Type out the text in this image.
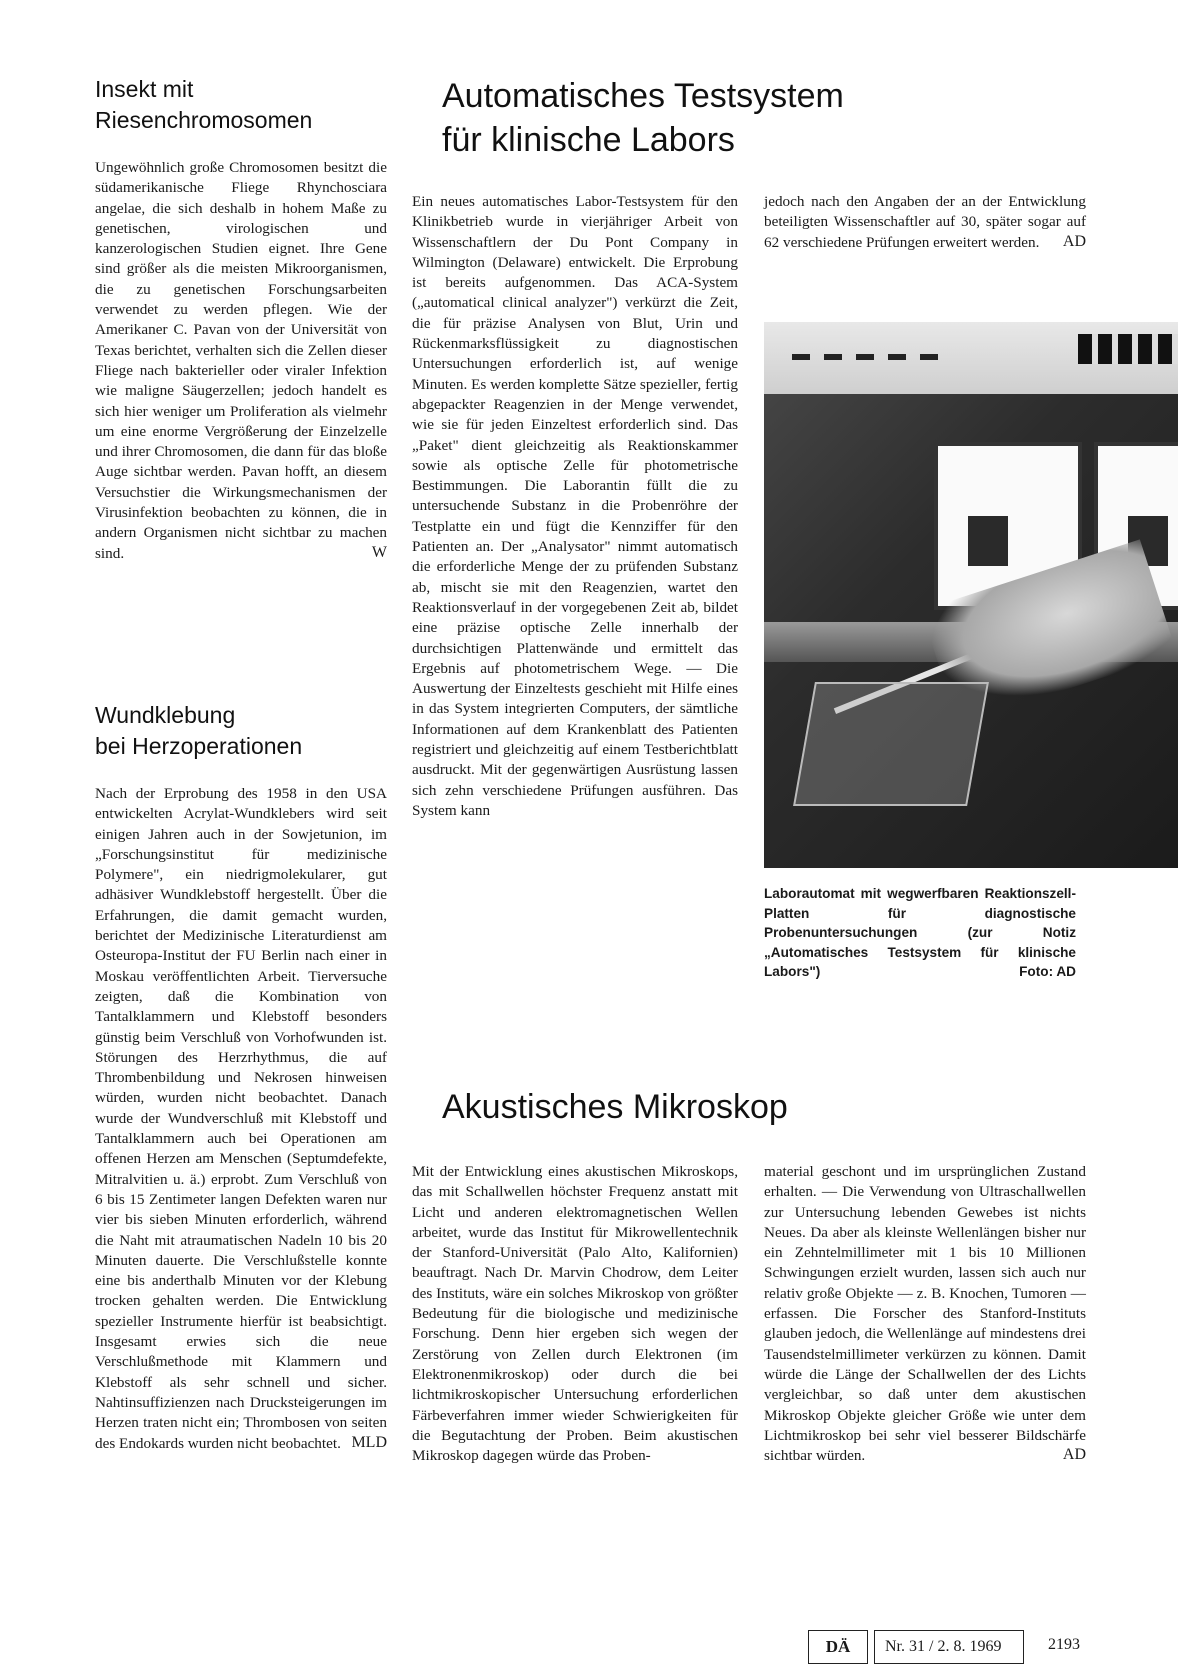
Insekt mit
Riesenchromosomen

Ungewöhnlich große Chromosomen besitzt die südamerikanische Fliege Rhynchosciara angelae, die sich deshalb in hohem Maße zu genetischen, virologischen und kanzerologischen Studien eignet. Ihre Gene sind größer als die meisten Mikroorganismen, die zu genetischen Forschungsarbeiten verwendet zu werden pflegen. Wie der Amerikaner C. Pavan von der Universität von Texas berichtet, verhalten sich die Zellen dieser Fliege nach bakterieller oder viraler Infektion wie maligne Säugerzellen; jedoch handelt es sich hier weniger um Proliferation als vielmehr um eine enorme Vergrößerung der Einzelzelle und ihrer Chromosomen, die dann für das bloße Auge sichtbar werden. Pavan hofft, an diesem Versuchstier die Wirkungsmechanismen der Virusinfektion beobachten zu können, die in andern Organismen nicht sichtbar zu machen sind.	W
Wundklebung
bei Herzoperationen

Nach der Erprobung des 1958 in den USA entwickelten Acrylat-Wundklebers wird seit einigen Jahren auch in der Sowjetunion, im „Forschungsinstitut für medizinische Polymere", ein niedrigmolekularer, gut adhäsiver Wundklebstoff hergestellt. Über die Erfahrungen, die damit gemacht wurden, berichtet der Medizinische Literaturdienst am Osteuropa-Institut der FU Berlin nach einer in Moskau veröffentlichten Arbeit. Tierversuche zeigten, daß die Kombination von Tantalklammern und Klebstoff besonders günstig beim Verschluß von Vorhofwunden ist. Störungen des Herzrhythmus, die auf Thrombenbildung und Nekrosen hinweisen würden, wurden nicht beobachtet. Danach wurde der Wundverschluß mit Klebstoff und Tantalklammern auch bei Operationen am offenen Herzen am Menschen (Septumdefekte, Mitralvitien u. ä.) erprobt. Zum Verschluß von 6 bis 15 Zentimeter langen Defekten waren nur vier bis sieben Minuten erforderlich, während die Naht mit atraumatischen Nadeln 10 bis 20 Minuten dauerte. Die Verschlußstelle konnte eine bis anderthalb Minuten vor der Klebung trocken gehalten werden. Die Entwicklung spezieller Instrumente hierfür ist beabsichtigt. Insgesamt erwies sich die neue Verschlußmethode mit Klammern und Klebstoff als sehr schnell und sicher. Nahtinsuffizienzen nach Drucksteigerungen im Herzen traten nicht ein; Thrombosen von seiten des Endokards wurden nicht beobachtet. MLD
Automatisches Testsystem
für klinische Labors

Ein neues automatisches Labor-Testsystem für den Klinikbetrieb wurde in vierjähriger Arbeit von Wissenschaftlern der Du Pont Company in Wilmington (Delaware) entwickelt. Die Erprobung ist bereits aufgenommen. Das ACA-System („automatical clinical analyzer") verkürzt die Zeit, die für präzise Analysen von Blut, Urin und Rückenmarksflüssigkeit zu diagnostischen Untersuchungen erforderlich ist, auf wenige Minuten. Es werden komplette Sätze spezieller, fertig abgepackter Reagenzien in der Menge verwendet, wie sie für jeden Einzeltest erforderlich sind. Das „Paket" dient gleichzeitig als Reaktionskammer sowie als optische Zelle für photometrische Bestimmungen. Die Laborantin füllt die zu untersuchende Substanz in die Probenröhre der Testplatte ein und fügt die Kennziffer für den Patienten an. Der „Analysator" nimmt automatisch die erforderliche Menge der zu prüfenden Substanz ab, mischt sie mit den Reagenzien, wartet den Reaktionsverlauf in der vorgegebenen Zeit ab, bildet eine präzise optische Zelle innerhalb der durchsichtigen Plattenwände und ermittelt das Ergebnis auf photometrischem Wege. — Die Auswertung der Einzeltests geschieht mit Hilfe eines in das System integrierten Computers, der sämtliche Informationen auf dem Krankenblatt des Patienten registriert und gleichzeitig auf einem Testberichtblatt ausdruckt. Mit der gegenwärtigen Ausrüstung lassen sich zehn verschiedene Prüfungen ausführen. Das System kann

jedoch nach den Angaben der an der Entwicklung beteiligten Wissenschaftler auf 30, später sogar auf 62 verschiedene Prüfungen erweitert werden.	AD
Laborautomat mit wegwerfbaren Reaktionszell-Platten für diagnostische Probenuntersuchungen (zur Notiz „Automatisches Testsystem für klinische Labors")	Foto: AD
Akustisches Mikroskop

Mit der Entwicklung eines akustischen Mikroskops, das mit Schallwellen höchster Frequenz anstatt mit Licht und anderen elektromagnetischen Wellen arbeitet, wurde das Institut für Mikrowellentechnik der Stanford-Universität (Palo Alto, Kalifornien) beauftragt. Nach Dr. Marvin Chodrow, dem Leiter des Instituts, wäre ein solches Mikroskop von größter Bedeutung für die biologische und medizinische Forschung. Denn hier ergeben sich wegen der Zerstörung von Zellen durch Elektronen (im Elektronenmikroskop) oder durch die bei lichtmikroskopischer Untersuchung erforderlichen Färbeverfahren immer wieder Schwierigkeiten für die Begutachtung der Proben. Beim akustischen Mikroskop dagegen würde das Proben-

material geschont und im ursprünglichen Zustand erhalten. — Die Verwendung von Ultraschallwellen zur Untersuchung lebenden Gewebes ist nichts Neues. Da aber als kleinste Wellenlängen bisher nur ein Zehntelmillimeter mit 1 bis 10 Millionen Schwingungen erzielt wurden, lassen sich auch nur relativ große Objekte — z. B. Knochen, Tumoren — erfassen. Die Forscher des Stanford-Instituts glauben jedoch, die Wellenlänge auf mindestens drei Tausendstelmillimeter verkürzen zu können. Damit würde die Länge der Schallwellen der des Lichts vergleichbar, so daß unter dem akustischen Mikroskop Objekte gleicher Größe wie unter dem Lichtmikroskop bei sehr viel besserer Bildschärfe sichtbar würden.	AD
DÄ	Nr. 31 / 2. 8. 1969	2193
